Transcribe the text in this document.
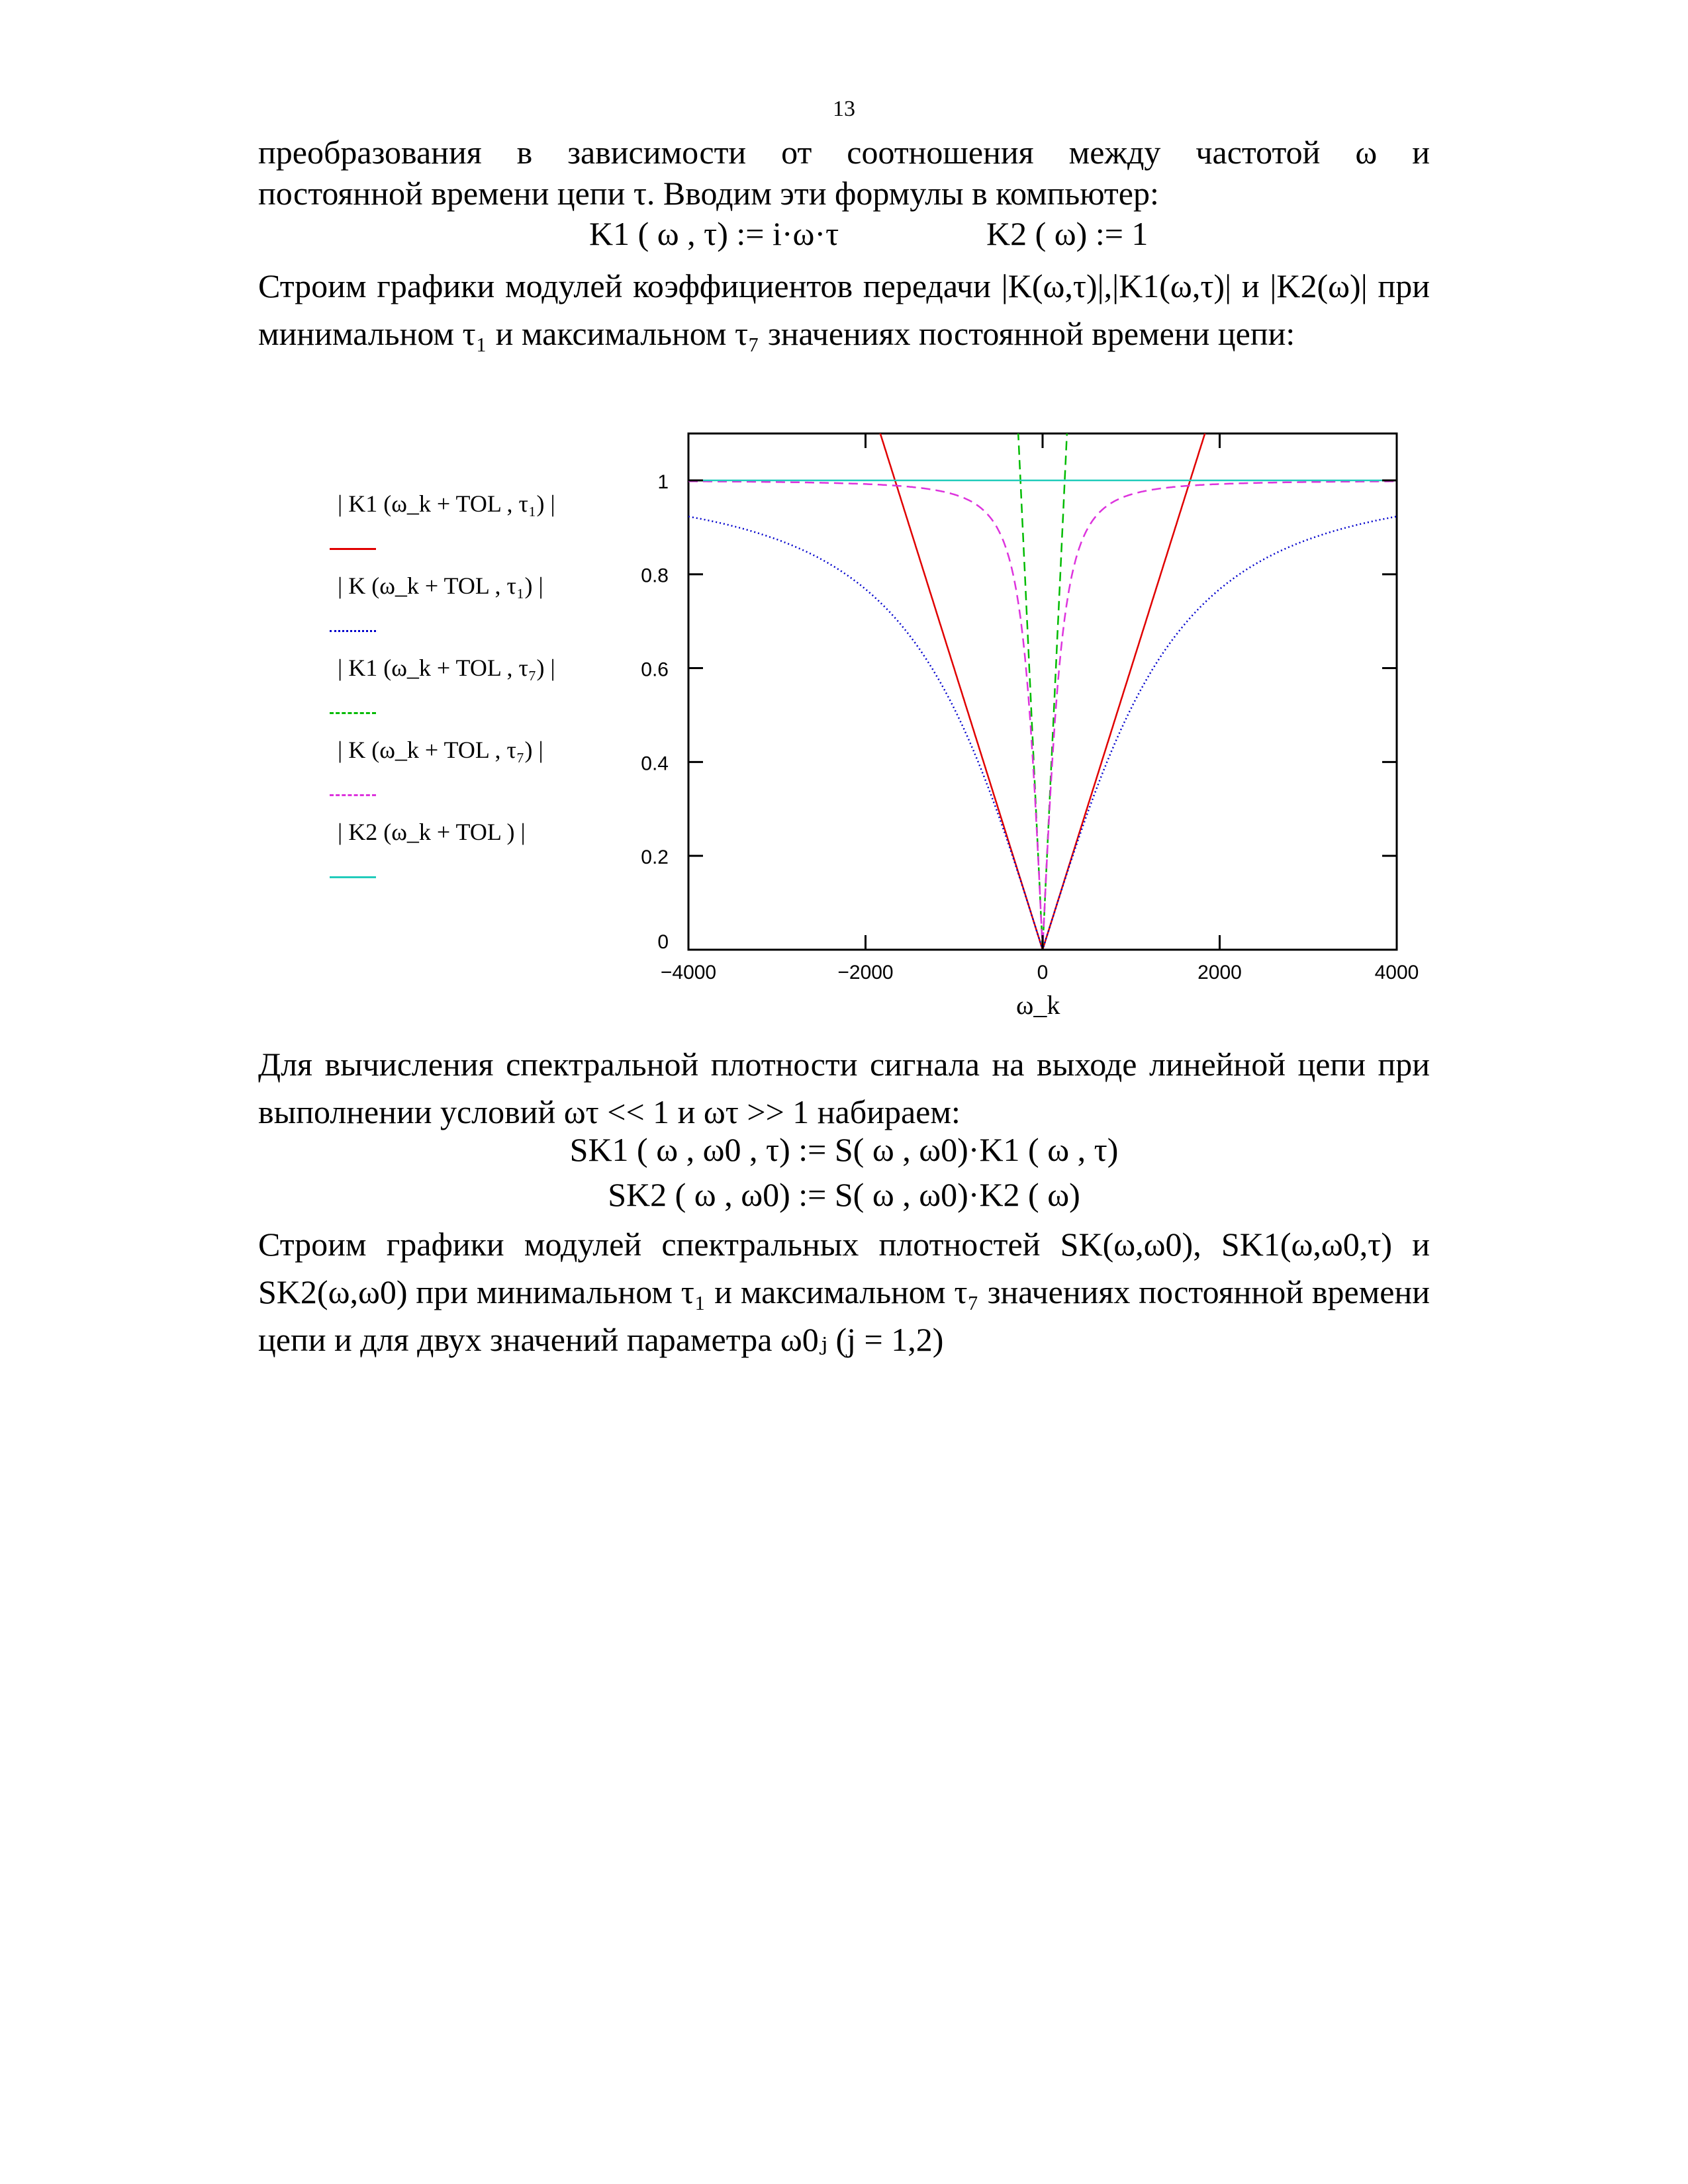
13
преобразования в зависимости от соотношения между частотой ω и
постоянной времени цепи τ. Вводим эти формулы в компьютер:
K1 ( ω , τ) := i·ω·τ	K2 ( ω) := 1
Строим графики модулей коэффициентов передачи |K(ω,τ)|,|K1(ω,τ)| и |K2(ω)| при минимальном τ₁ и максимальном τ₇ значениях постоянной времени цепи:
−4000	−2000	0	2000	4000
0
0.2
0.4
0.6
0.8
1
| K1 (ω_k + TOL , τ₁) |
| K (ω_k + TOL , τ₁) |
| K1 (ω_k + TOL , τ₇) |
| K (ω_k + TOL , τ₇) |
| K2 (ω_k + TOL ) |
ω_k
Для вычисления спектральной плотности сигнала на выходе линейной цепи при выполнении условий ωτ << 1 и ωτ >> 1 набираем:
SK1 ( ω , ω0 , τ) := S( ω , ω0)·K1 ( ω , τ)
SK2 ( ω , ω0) := S( ω , ω0)·K2 ( ω)
Строим графики модулей спектральных плотностей SK(ω,ω0), SK1(ω,ω0,τ) и SK2(ω,ω0) при минимальном τ₁ и максимальном τ₇ значениях постоянной времени цепи и для двух значений параметра ω0ⱼ (j = 1,2)
